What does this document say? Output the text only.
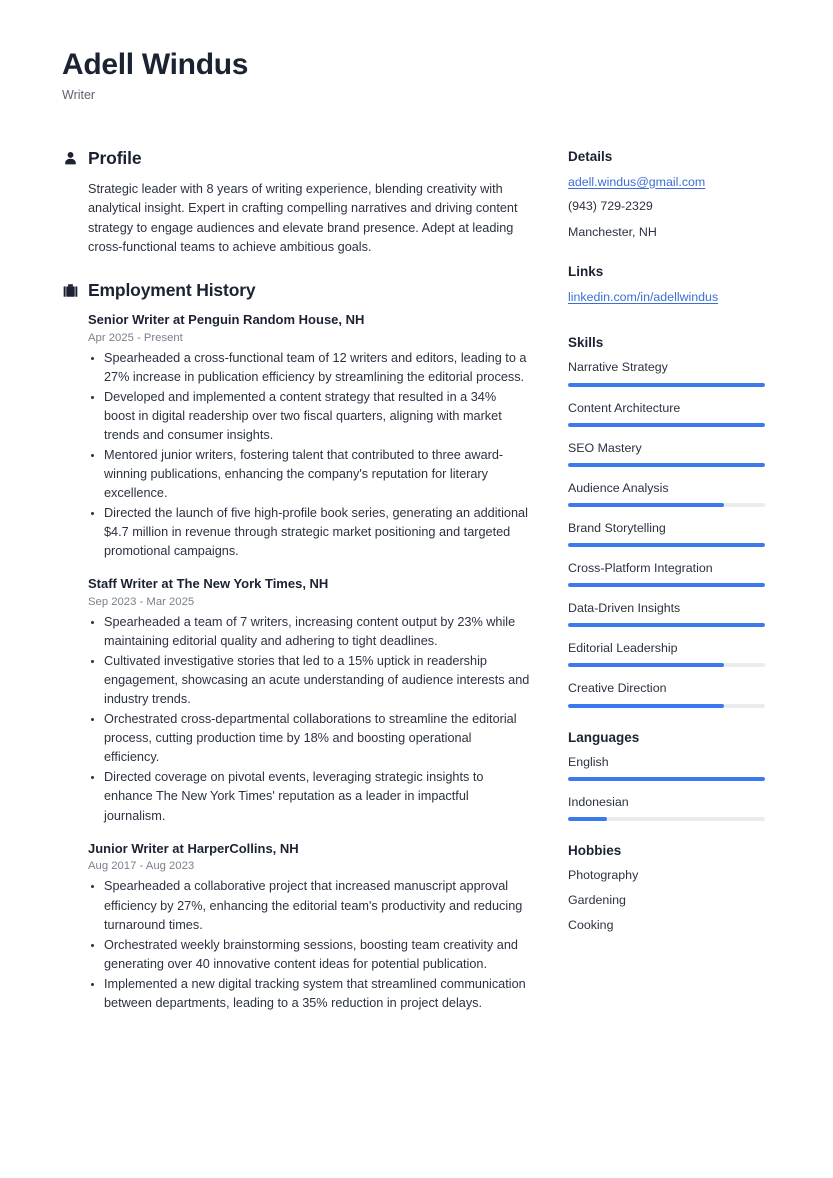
Adell Windus
Writer
Profile
Strategic leader with 8 years of writing experience, blending creativity with analytical insight. Expert in crafting compelling narratives and driving content strategy to engage audiences and elevate brand presence. Adept at leading cross-functional teams to achieve ambitious goals.
Employment History
Senior Writer at Penguin Random House, NH
Apr 2025 - Present
Spearheaded a cross-functional team of 12 writers and editors, leading to a 27% increase in publication efficiency by streamlining the editorial process.
Developed and implemented a content strategy that resulted in a 34% boost in digital readership over two fiscal quarters, aligning with market trends and consumer insights.
Mentored junior writers, fostering talent that contributed to three award-winning publications, enhancing the company's reputation for literary excellence.
Directed the launch of five high-profile book series, generating an additional $4.7 million in revenue through strategic market positioning and targeted promotional campaigns.
Staff Writer at The New York Times, NH
Sep 2023 - Mar 2025
Spearheaded a team of 7 writers, increasing content output by 23% while maintaining editorial quality and adhering to tight deadlines.
Cultivated investigative stories that led to a 15% uptick in readership engagement, showcasing an acute understanding of audience interests and industry trends.
Orchestrated cross-departmental collaborations to streamline the editorial process, cutting production time by 18% and boosting operational efficiency.
Directed coverage on pivotal events, leveraging strategic insights to enhance The New York Times' reputation as a leader in impactful journalism.
Junior Writer at HarperCollins, NH
Aug 2017 - Aug 2023
Spearheaded a collaborative project that increased manuscript approval efficiency by 27%, enhancing the editorial team's productivity and reducing turnaround times.
Orchestrated weekly brainstorming sessions, boosting team creativity and generating over 40 innovative content ideas for potential publication.
Implemented a new digital tracking system that streamlined communication between departments, leading to a 35% reduction in project delays.
Details
adell.windus@gmail.com
(943) 729-2329
Manchester, NH
Links
linkedin.com/in/adellwindus
Skills
Narrative Strategy
Content Architecture
SEO Mastery
Audience Analysis
Brand Storytelling
Cross-Platform Integration
Data-Driven Insights
Editorial Leadership
Creative Direction
Languages
English
Indonesian
Hobbies
Photography
Gardening
Cooking
